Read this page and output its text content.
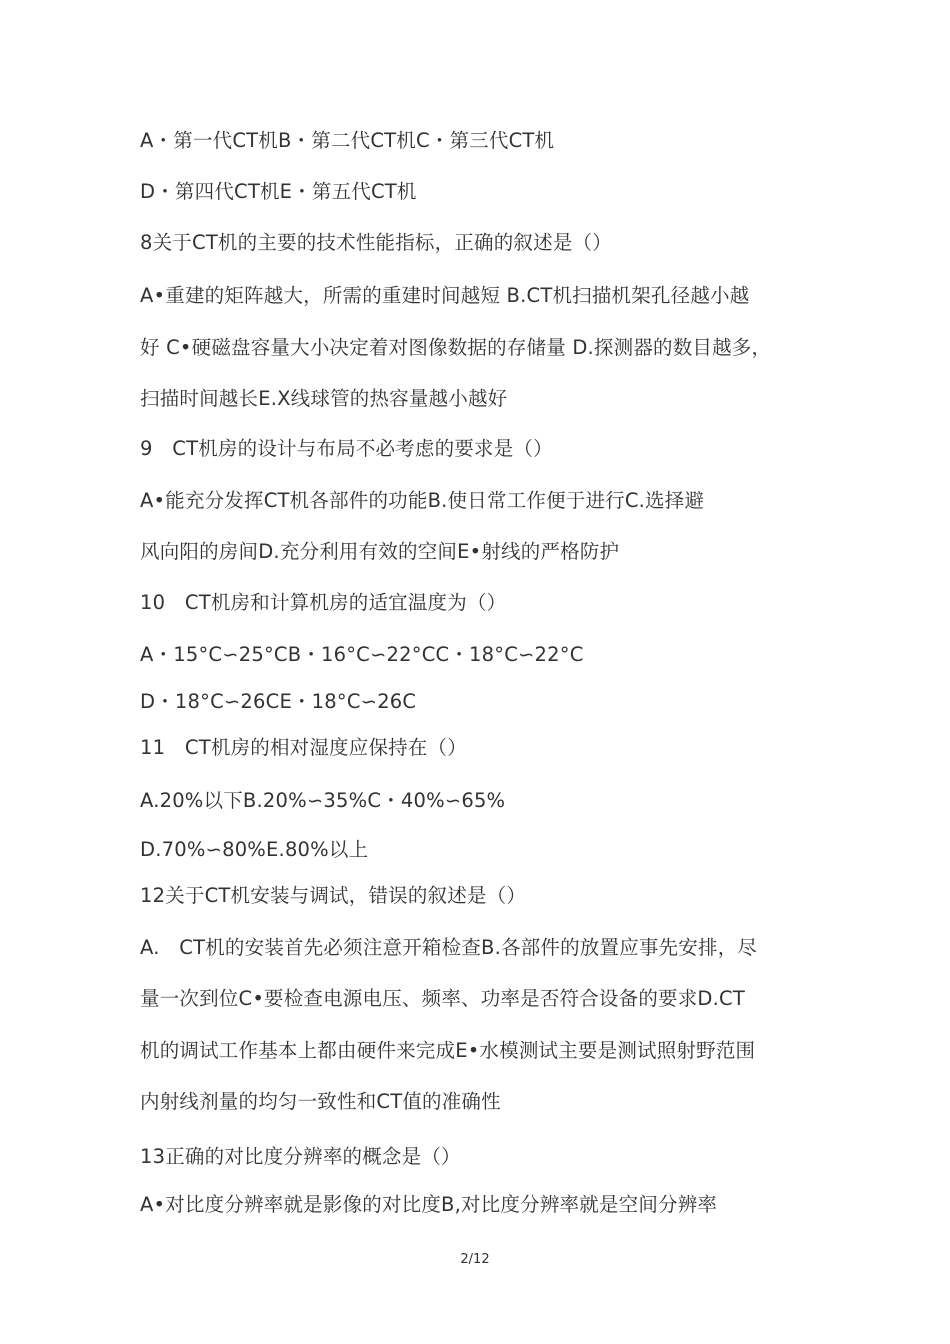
A・第一代CT机B・第二代CT机C・第三代CT机
D・第四代CT机E・第五代CT机
8关于CT机的主要的技术性能指标，正确的叙述是（）
A•重建的矩阵越大，所需的重建时间越短 B.CT机扫描机架孔径越小越
好 C•硬磁盘容量大小决定着对图像数据的存储量 D.探测器的数目越多，
扫描时间越长E.X线球管的热容量越小越好
9　CT机房的设计与布局不必考虑的要求是（）
A•能充分发挥CT机各部件的功能B.使日常工作便于进行C.选择避
风向阳的房间D.充分利用有效的空间E•射线的严格防护
10　CT机房和计算机房的适宜温度为（）
A・15°C∽25°CB・16°C∽22°CC・18°C∽22°C
D・18°C∽26CE・18°C∽26C
11　CT机房的相对湿度应保持在（）
A.20%以下B.20%∽35%C・40%∽65%
D.70%∽80%E.80%以上
12关于CT机安装与调试，错误的叙述是（）
A.　CT机的安装首先必须注意开箱检查B.各部件的放置应事先安排，尽
量一次到位C•要检查电源电压、频率、功率是否符合设备的要求D.CT
机的调试工作基本上都由硬件来完成E•水模测试主要是测试照射野范围
内射线剂量的均匀一致性和CT值的准确性
13正确的对比度分辨率的概念是（）
A•对比度分辨率就是影像的对比度B,对比度分辨率就是空间分辨率
2/12
